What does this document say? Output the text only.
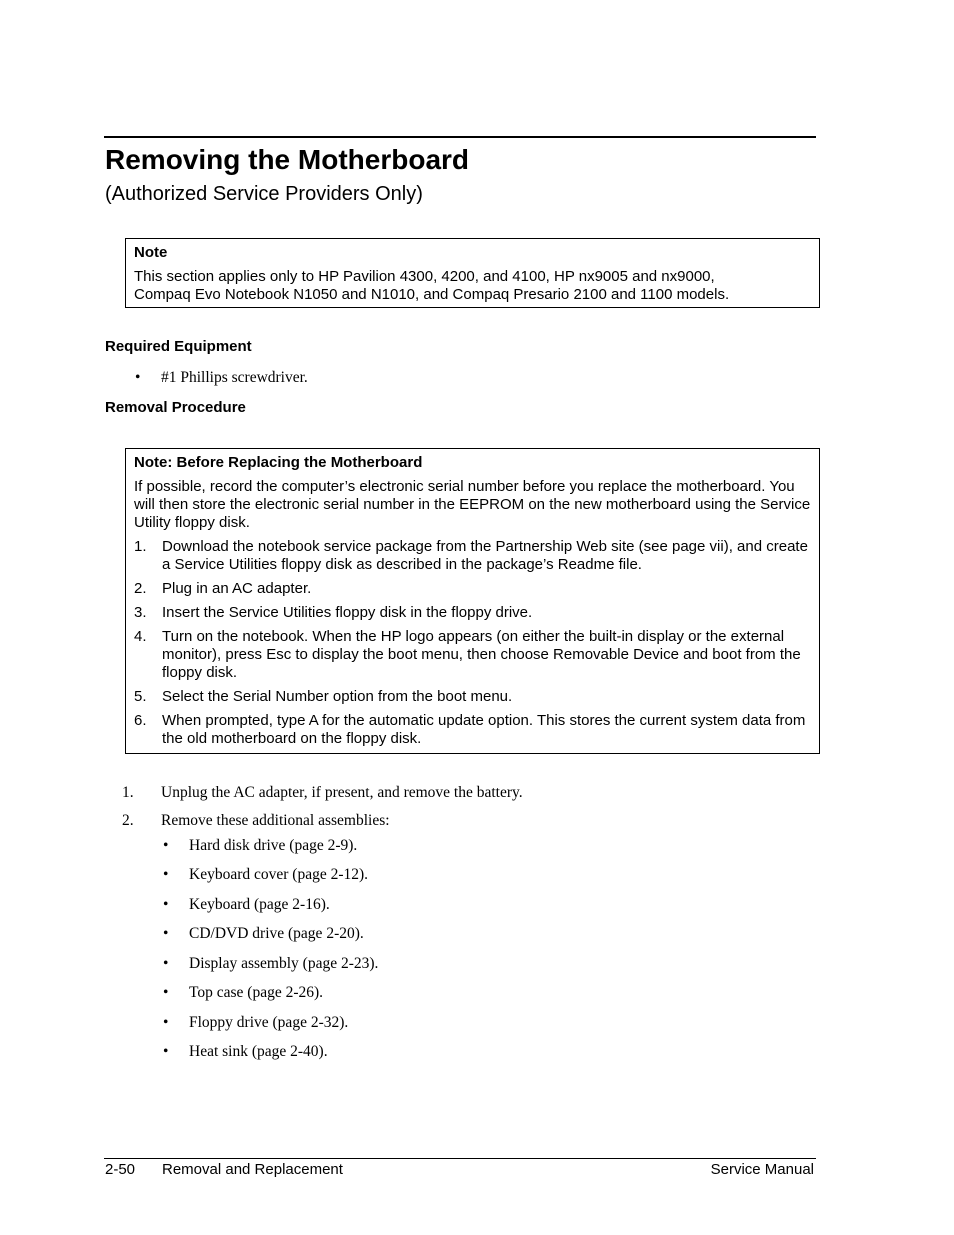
Removing the Motherboard
(Authorized Service Providers Only)
Note
This section applies only to HP Pavilion 4300, 4200, and 4100, HP nx9005 and nx9000,
Compaq Evo Notebook N1050 and N1010, and Compaq Presario 2100 and 1100 models.
Required Equipment
•	#1 Phillips screwdriver.
Removal Procedure
Note: Before Replacing the Motherboard
If possible, record the computer’s electronic serial number before you replace the motherboard. You will then store the electronic serial number in the EEPROM on the new motherboard using the Service Utility floppy disk.
1.	Download the notebook service package from the Partnership Web site (see page vii), and create a Service Utilities floppy disk as described in the package’s Readme file.
2.	Plug in an AC adapter.
3.	Insert the Service Utilities floppy disk in the floppy drive.
4.	Turn on the notebook. When the HP logo appears (on either the built-in display or the external monitor), press Esc to display the boot menu, then choose Removable Device and boot from the floppy disk.
5.	Select the Serial Number option from the boot menu.
6.	When prompted, type A for the automatic update option. This stores the current system data from the old motherboard on the floppy disk.
1.	Unplug the AC adapter, if present, and remove the battery.
2.	Remove these additional assemblies:
•	Hard disk drive (page 2-9).
•	Keyboard cover (page 2-12).
•	Keyboard (page 2-16).
•	CD/DVD drive (page 2-20).
•	Display assembly (page 2-23).
•	Top case (page 2-26).
•	Floppy drive (page 2-32).
•	Heat sink (page 2-40).
2-50 Removal and Replacement	Service Manual
